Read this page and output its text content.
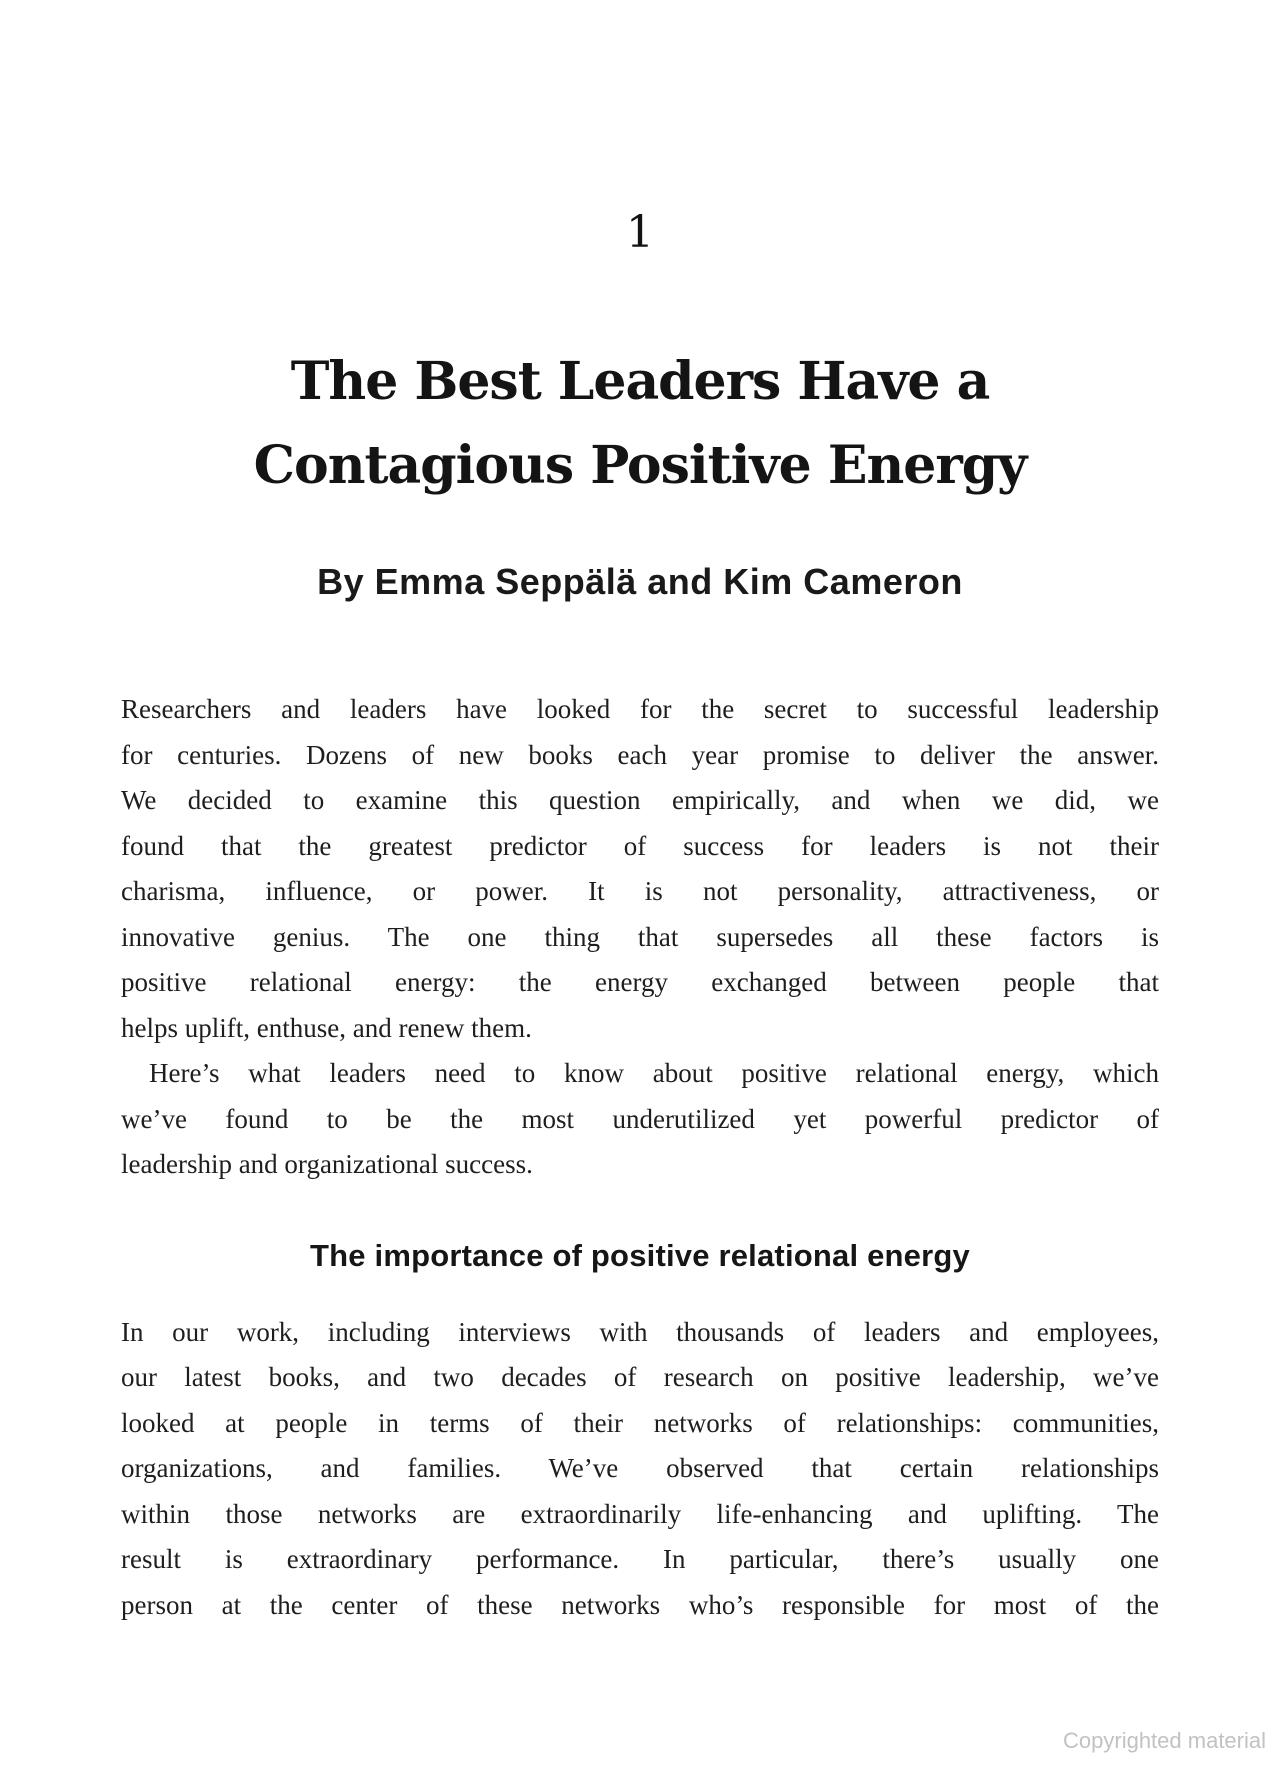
1
The Best Leaders Have a
Contagious Positive Energy
By Emma Seppälä and Kim Cameron
Researchers and leaders have looked for the secret to successful leadership
for centuries. Dozens of new books each year promise to deliver the answer.
We decided to examine this question empirically, and when we did, we
found that the greatest predictor of success for leaders is not their
charisma, influence, or power. It is not personality, attractiveness, or
innovative genius. The one thing that supersedes all these factors is
positive relational energy: the energy exchanged between people that
helps uplift, enthuse, and renew them.
Here’s what leaders need to know about positive relational energy, which
we’ve found to be the most underutilized yet powerful predictor of
leadership and organizational success.
The importance of positive relational energy
In our work, including interviews with thousands of leaders and employees,
our latest books, and two decades of research on positive leadership, we’ve
looked at people in terms of their networks of relationships: communities,
organizations, and families. We’ve observed that certain relationships
within those networks are extraordinarily life-enhancing and uplifting. The
result is extraordinary performance. In particular, there’s usually one
person at the center of these networks who’s responsible for most of the
Copyrighted material
